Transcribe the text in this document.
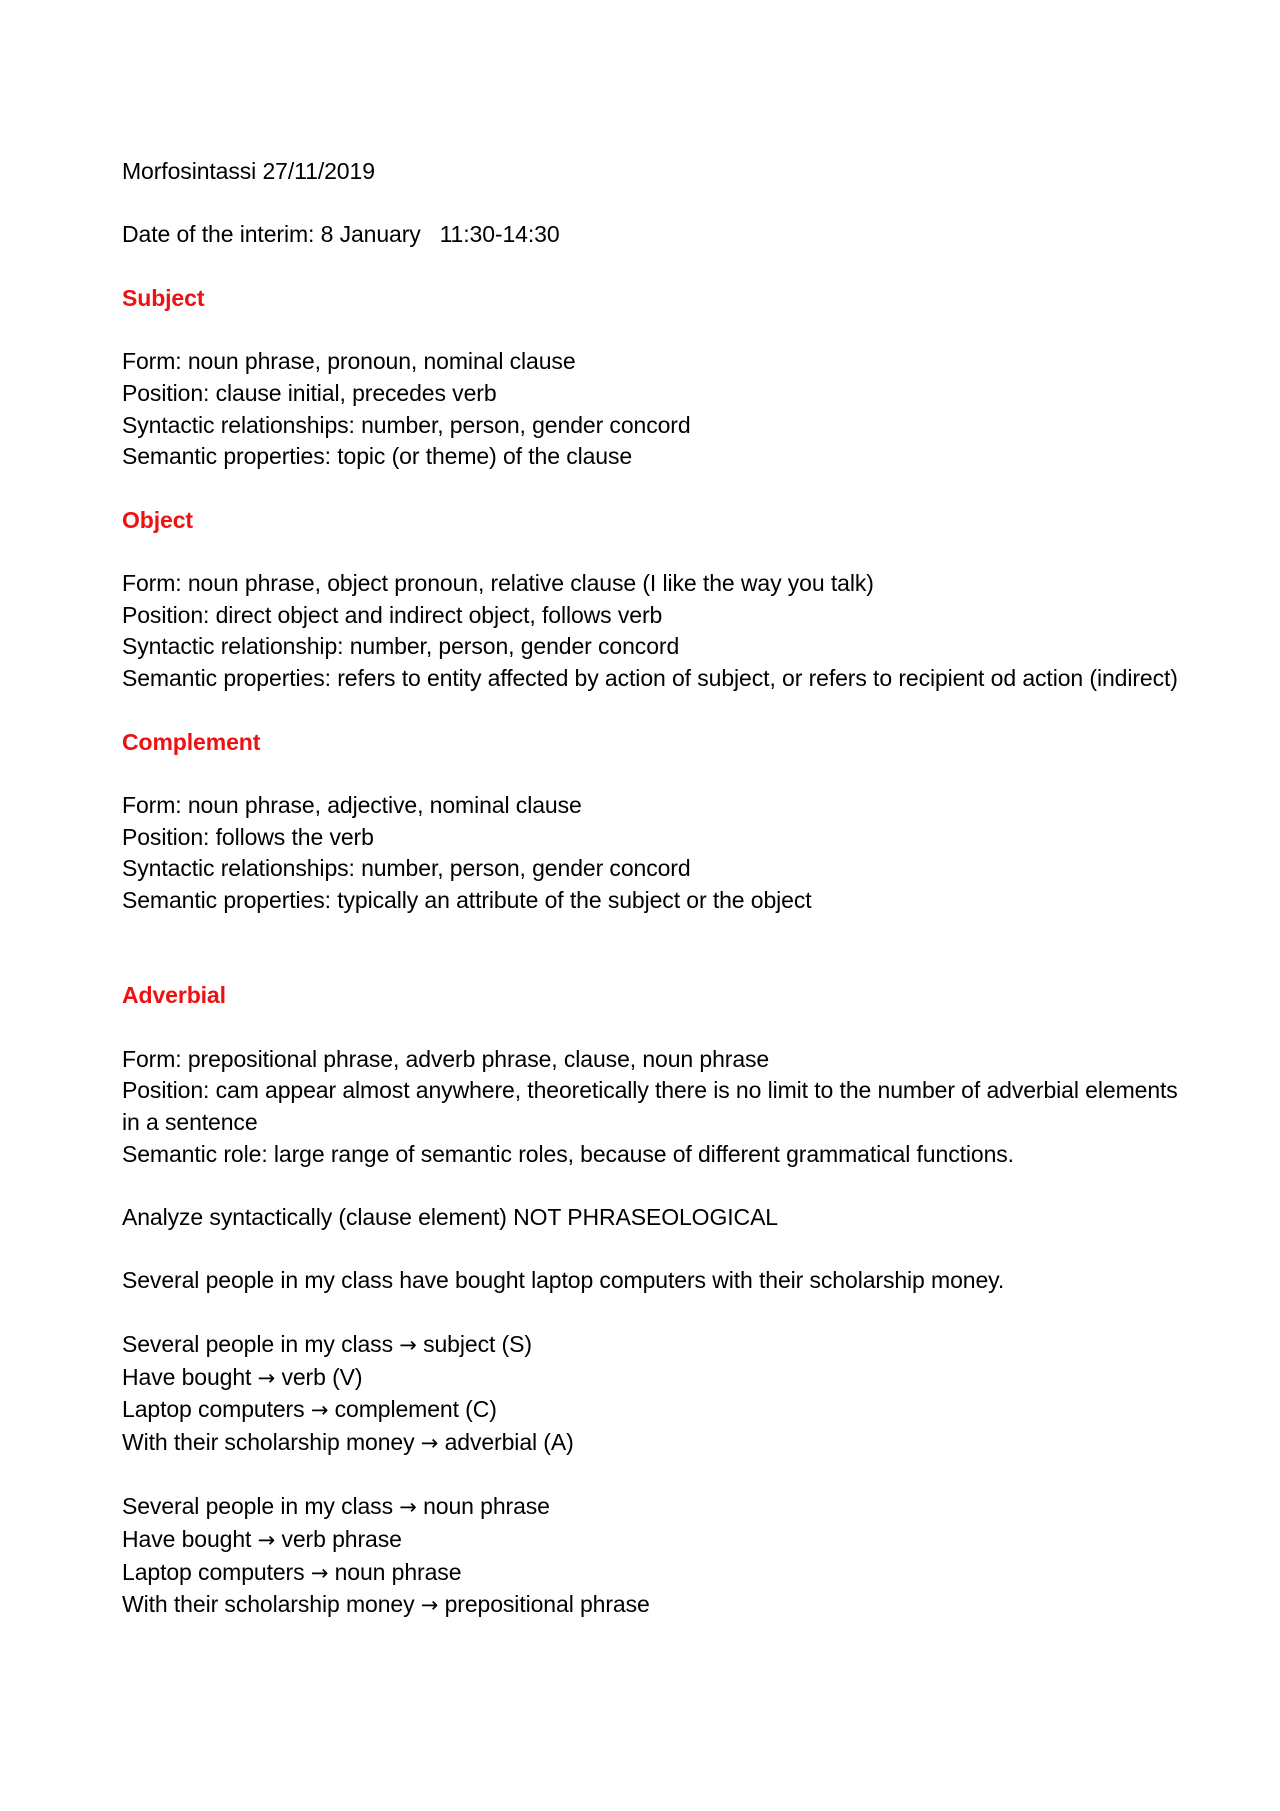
Morfosintassi 27/11/2019
Date of the interim: 8 January   11:30-14:30
Subject
Form: noun phrase, pronoun, nominal clause
Position: clause initial, precedes verb
Syntactic relationships: number, person, gender concord
Semantic properties: topic (or theme) of the clause
Object
Form: noun phrase, object pronoun, relative clause (I like the way you talk)
Position: direct object and indirect object, follows verb
Syntactic relationship: number, person, gender concord
Semantic properties: refers to entity affected by action of subject, or refers to recipient od action (indirect)
Complement
Form: noun phrase, adjective, nominal clause
Position: follows the verb
Syntactic relationships: number, person, gender concord
Semantic properties: typically an attribute of the subject or the object
Adverbial
Form: prepositional phrase, adverb phrase, clause, noun phrase
Position: cam appear almost anywhere, theoretically there is no limit to the number of adverbial elements in a sentence
Semantic role: large range of semantic roles, because of different grammatical functions.
Analyze syntactically (clause element) NOT PHRASEOLOGICAL
Several people in my class have bought laptop computers with their scholarship money.
Several people in my class → subject (S)
Have bought → verb (V)
Laptop computers → complement (C)
With their scholarship money → adverbial (A)
Several people in my class → noun phrase
Have bought → verb phrase
Laptop computers → noun phrase
With their scholarship money → prepositional phrase
